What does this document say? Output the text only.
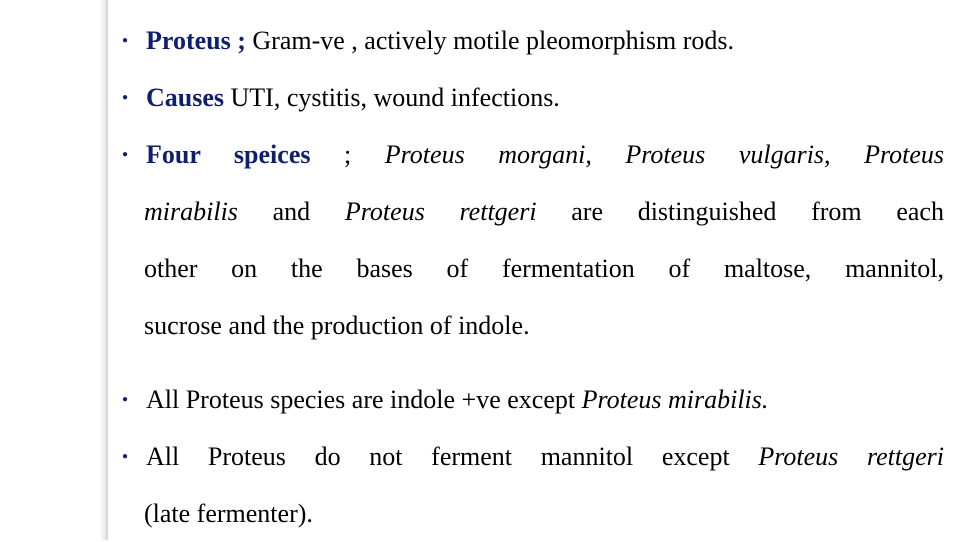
● Proteus ; Gram-ve , actively motile pleomorphism rods.
● Causes UTI, cystitis, wound infections.
● Four speices ; Proteus morgani, Proteus vulgaris, Proteus
mirabilis and Proteus rettgeri are distinguished from each
other on the bases of fermentation of maltose, mannitol,
sucrose and the production of indole.
● All Proteus species are indole +ve except Proteus mirabilis.
● All Proteus do not ferment mannitol except Proteus rettgeri
(late fermenter).
